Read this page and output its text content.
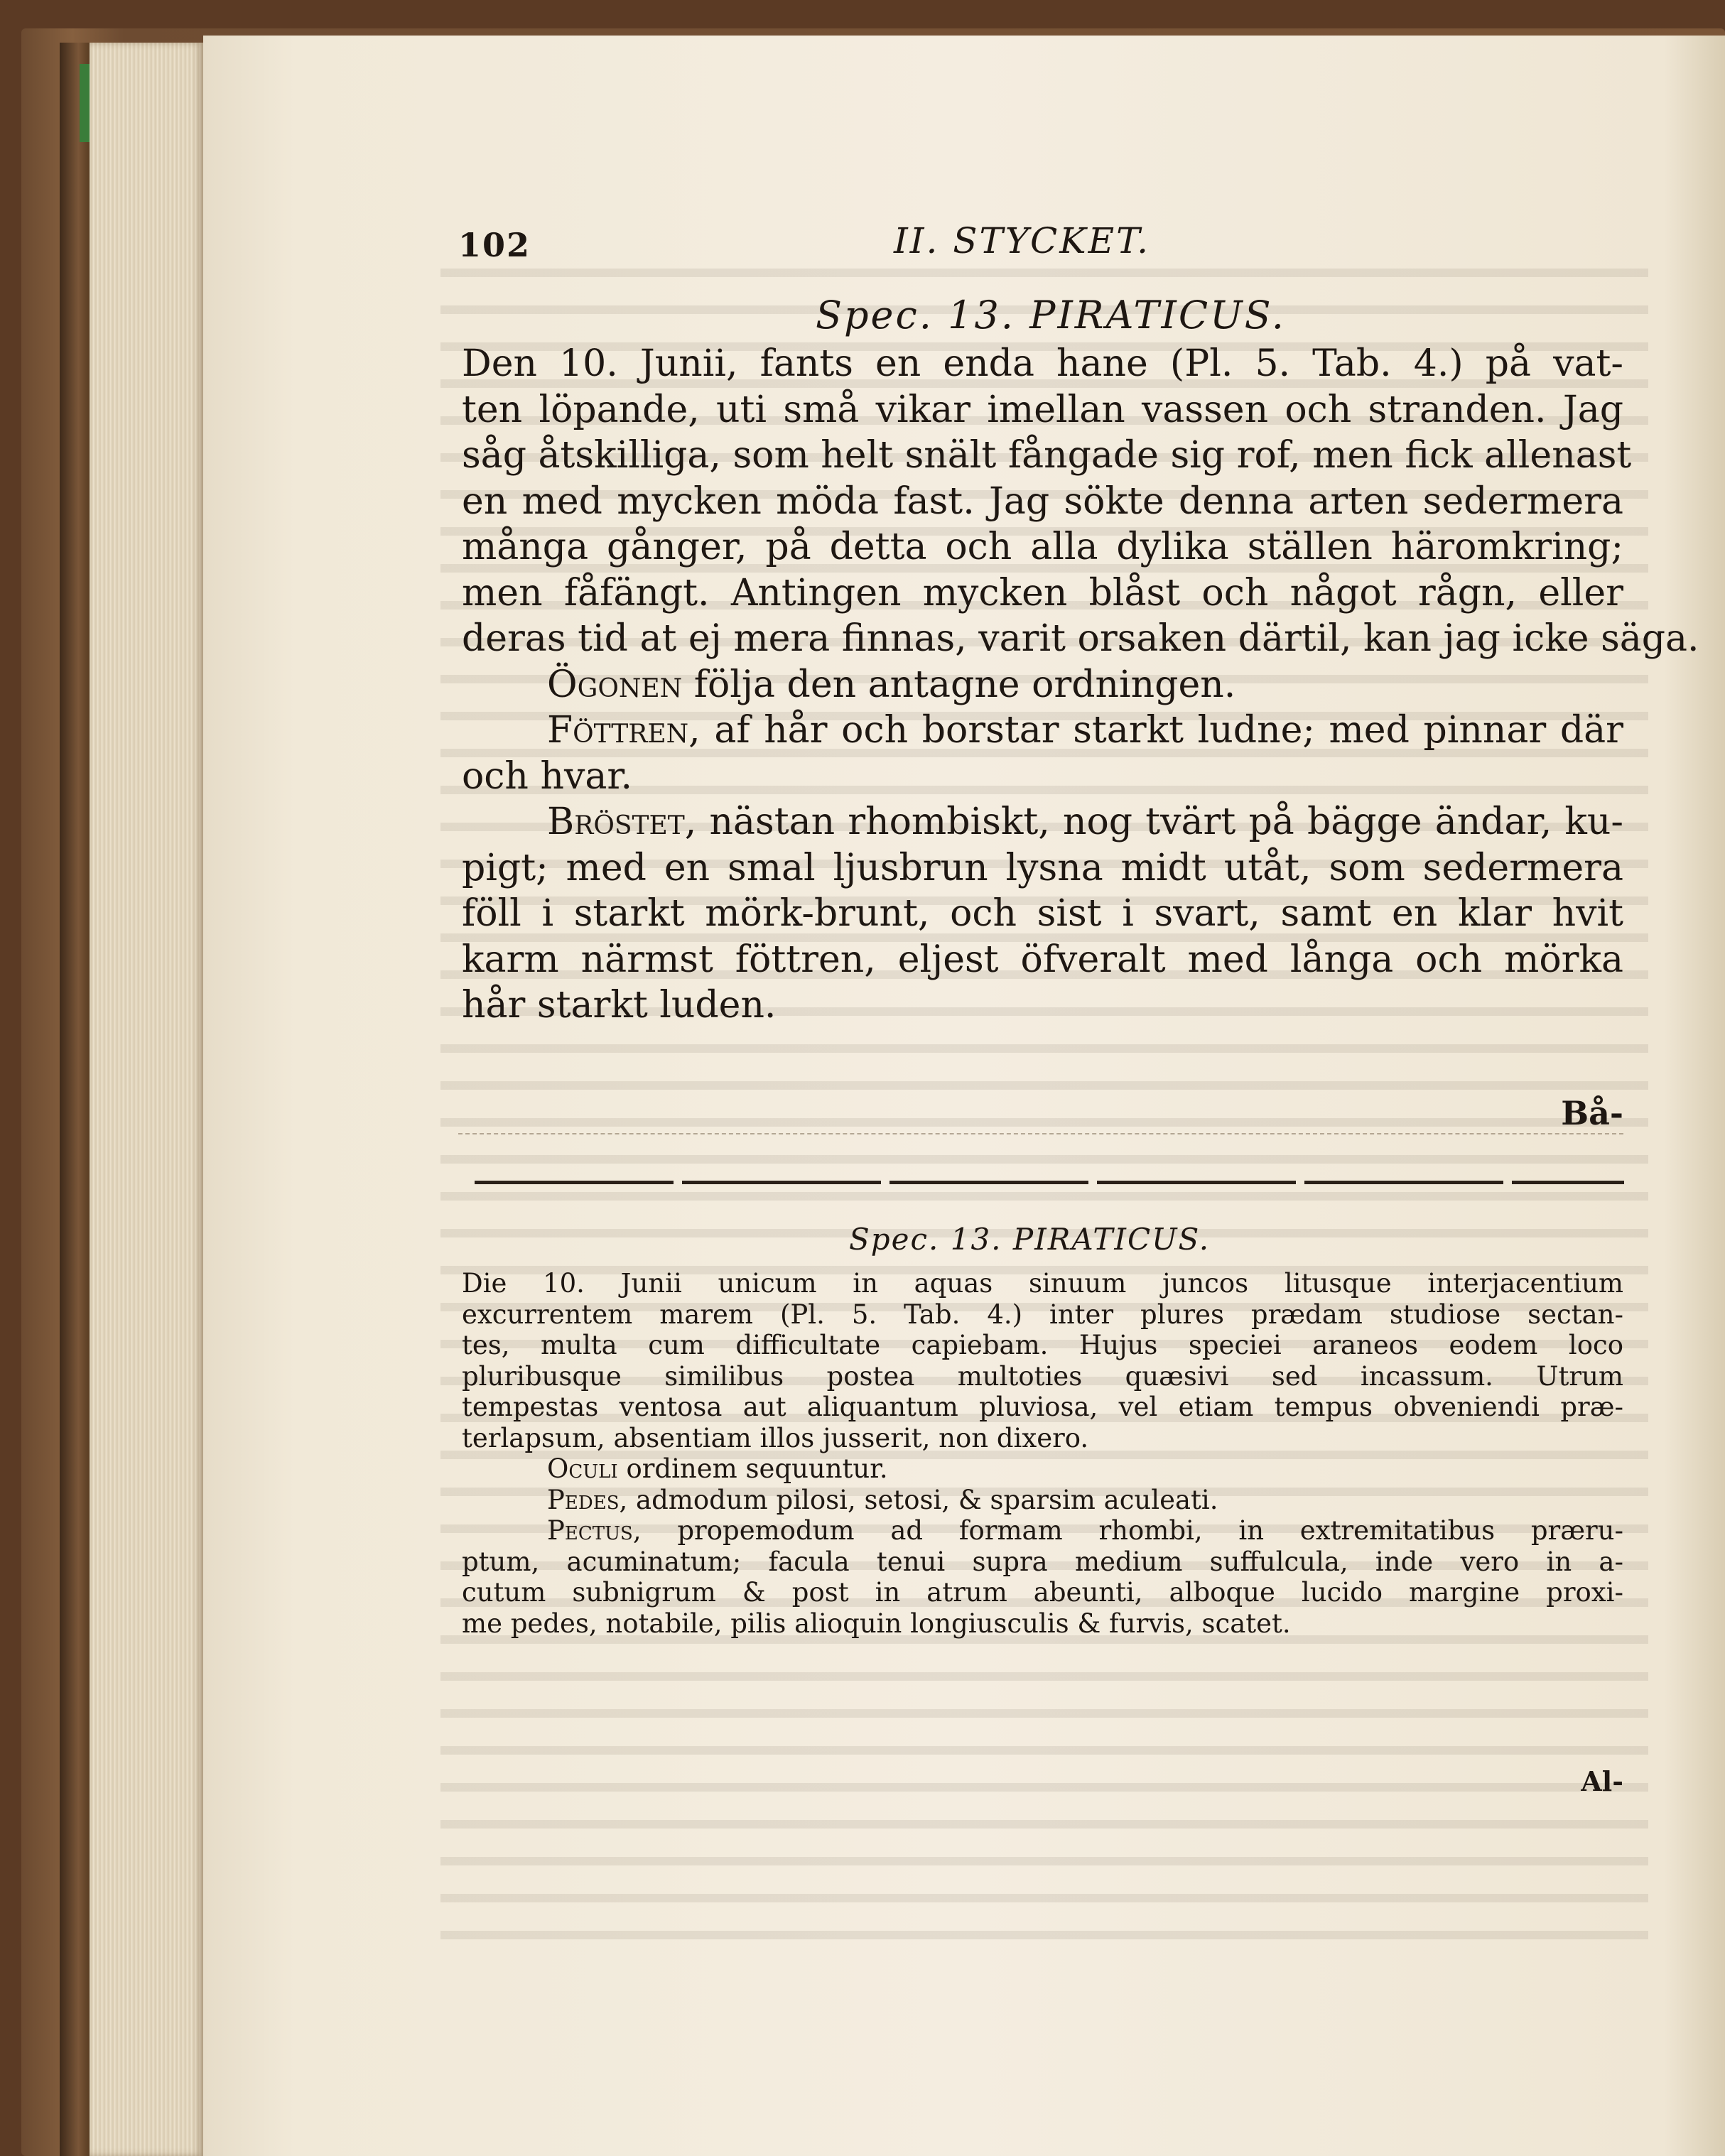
102	II. STYCKET.
Spec. 13. PIRATICUS.
Den 10. Junii, fants en enda hane (Pl. 5. Tab. 4.) på vat-
ten löpande, uti små vikar imellan vassen och stranden. Jag
såg åtskilliga, som helt snält fångade sig rof, men fick allenast
en med mycken möda fast. Jag sökte denna arten sedermera
många gånger, på detta och alla dylika ställen häromkring;
men fåfängt. Antingen mycken blåst och något rågn, eller
deras tid at ej mera finnas, varit orsaken därtil, kan jag icke säga.
Ögonen följa den antagne ordningen.
Föttren, af hår och borstar starkt ludne; med pinnar där
och hvar.
Bröstet, nästan rhombiskt, nog tvärt på bägge ändar, ku-
pigt; med en smal ljusbrun lysna midt utåt, som sedermera
föll i starkt mörk-brunt, och sist i svart, samt en klar hvit
karm närmst föttren, eljest öfveralt med långa och mörka
hår starkt luden.
Bå-
Spec. 13. PIRATICUS.
Die 10. Junii unicum in aquas sinuum juncos litusque interjacentium
excurrentem marem (Pl. 5. Tab. 4.) inter plures prædam studiose sectan-
tes, multa cum difficultate capiebam. Hujus speciei araneos eodem loco
pluribusque similibus postea multoties quæsivi sed incassum. Utrum
tempestas ventosa aut aliquantum pluviosa, vel etiam tempus obveniendi præ-
terlapsum, absentiam illos jusserit, non dixero.
Oculi ordinem sequuntur.
Pedes, admodum pilosi, setosi, & sparsim aculeati.
Pectus, propemodum ad formam rhombi, in extremitatibus præru-
ptum, acuminatum; facula tenui supra medium suffulcula, inde vero in a-
cutum subnigrum & post in atrum abeunti, alboque lucido margine proxi-
me pedes, notabile, pilis alioquin longiusculis & furvis, scatet.
Al-
